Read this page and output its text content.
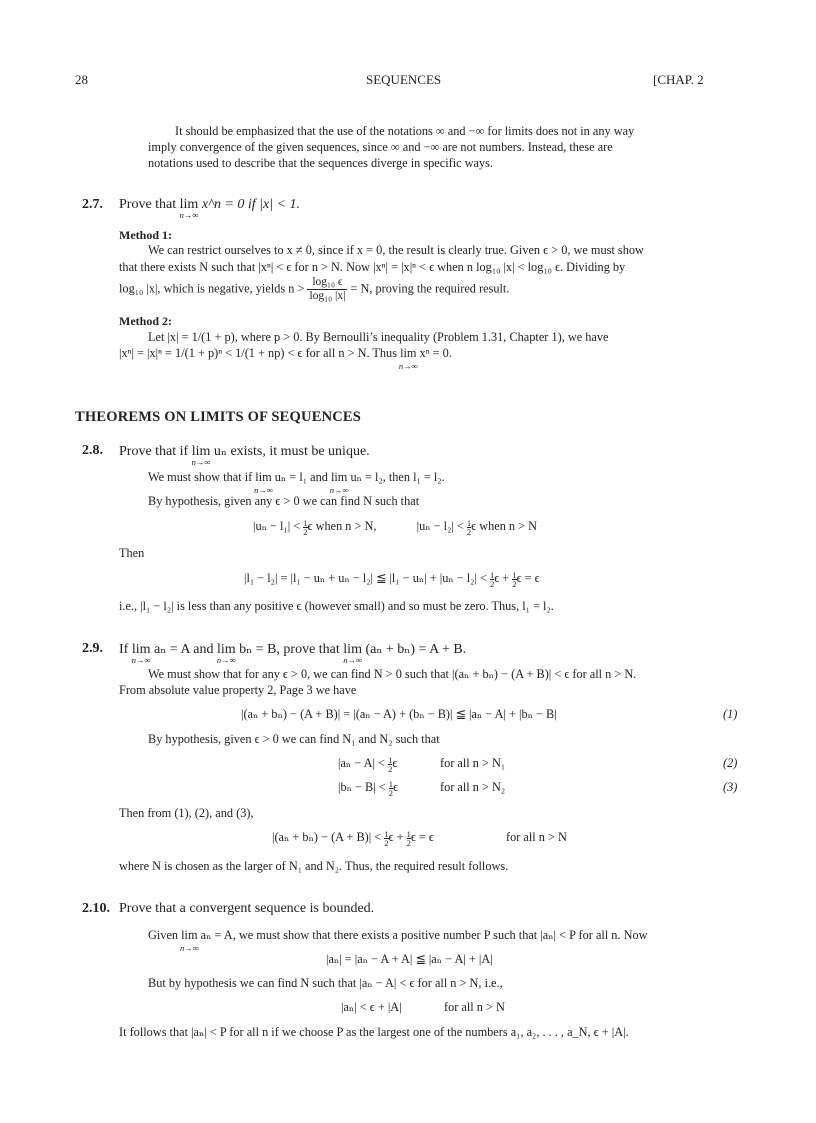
28	SEQUENCES	[CHAP. 2
It should be emphasized that the use of the notations ∞ and −∞ for limits does not in any way
imply convergence of the given sequences, since ∞ and −∞ are not numbers. Instead, these are
notations used to describe that the sequences diverge in specific ways.
2.7. Prove that lim
n→∞
x^n = 0 if |x| < 1.
Method 1:
We can restrict ourselves to x ≠ 0, since if x = 0, the result is clearly true. Given ϵ > 0, we must show
that there exists N such that |xⁿ| < ϵ for n > N. Now |xⁿ| = |x|ⁿ < ϵ when n log₁₀ |x| < log₁₀ ϵ. Dividing by
log₁₀ |x|, which is negative, yields $n > \frac{\text{log₁₀ ϵ}}{\text{log₁₀ |x|}} = N$, proving the required result.
Method 2:
Let |x| = 1/(1 + p), where p > 0. By Bernoulli’s inequality (Problem 1.31, Chapter 1), we have
|xⁿ| = |x|ⁿ = 1/(1 + p)ⁿ < 1/(1 + np) < ϵ for all n > N. Thus lim
n→∞
xⁿ = 0.
THEOREMS ON LIMITS OF SEQUENCES
2.8. Prove that if lim
n→∞
uₙ exists, it must be unique.
We must show that if lim
n→∞
uₙ = l₁ and lim
n→∞
uₙ = l₂, then l₁ = l₂.
By hypothesis, given any ϵ > 0 we can find N such that
$|u_n - l_1| < \frac{1}{2}\epsilon$ when n > N,	$|u_n - l_2| < \frac{1}{2}\epsilon$ when n > N
Then
|l₁ − l₂| = |l₁ − uₙ + uₙ − l₂| ≦ $|l_1 - u_n| + |u_n - l_2| < \frac{1}{2}\epsilon + \frac{1}{2}\epsilon = \epsilon$
i.e., |l₁ − l₂| is less than any positive ϵ (however small) and so must be zero. Thus, l₁ = l₂.
2.9. If lim
n→∞
aₙ = A and lim
n→∞
bₙ = B, prove that lim
n→∞
(aₙ + bₙ) = A + B.
We must show that for any ϵ > 0, we can find N > 0 such that |(aₙ + bₙ) − (A + B)| < ϵ for all n > N.
From absolute value property 2, Page 3 we have
|(aₙ + bₙ) − (A + B)| = |(aₙ − A) + (bₙ − B)| ≦ |aₙ − A| + |bₙ − B|	(1)
By hypothesis, given ϵ > 0 we can find N₁ and N₂ such that
$|a_n - A| < \frac{1}{2}\epsilon$	for all n > N₁	(2)
$|b_n - B| < \frac{1}{2}\epsilon$	for all n > N₂	(3)
Then from (1), (2), and (3),
$|(a_n + b_n) - (A + B)| < \frac{1}{2}\epsilon + \frac{1}{2}\epsilon = \epsilon$	for all n > N
where N is chosen as the larger of N₁ and N₂. Thus, the required result follows.
2.10. Prove that a convergent sequence is bounded.
Given lim
n→∞
aₙ = A, we must show that there exists a positive number P such that |aₙ| < P for all n. Now
|aₙ| = |aₙ − A + A| ≦ |aₙ − A| + |A|
But by hypothesis we can find N such that |aₙ − A| < ϵ for all n > N, i.e.,
|aₙ| < ϵ + |A|	for all n > N
It follows that |aₙ| < P for all n if we choose P as the largest one of the numbers a₁, a₂, . . . , a_N, ϵ + |A|.
